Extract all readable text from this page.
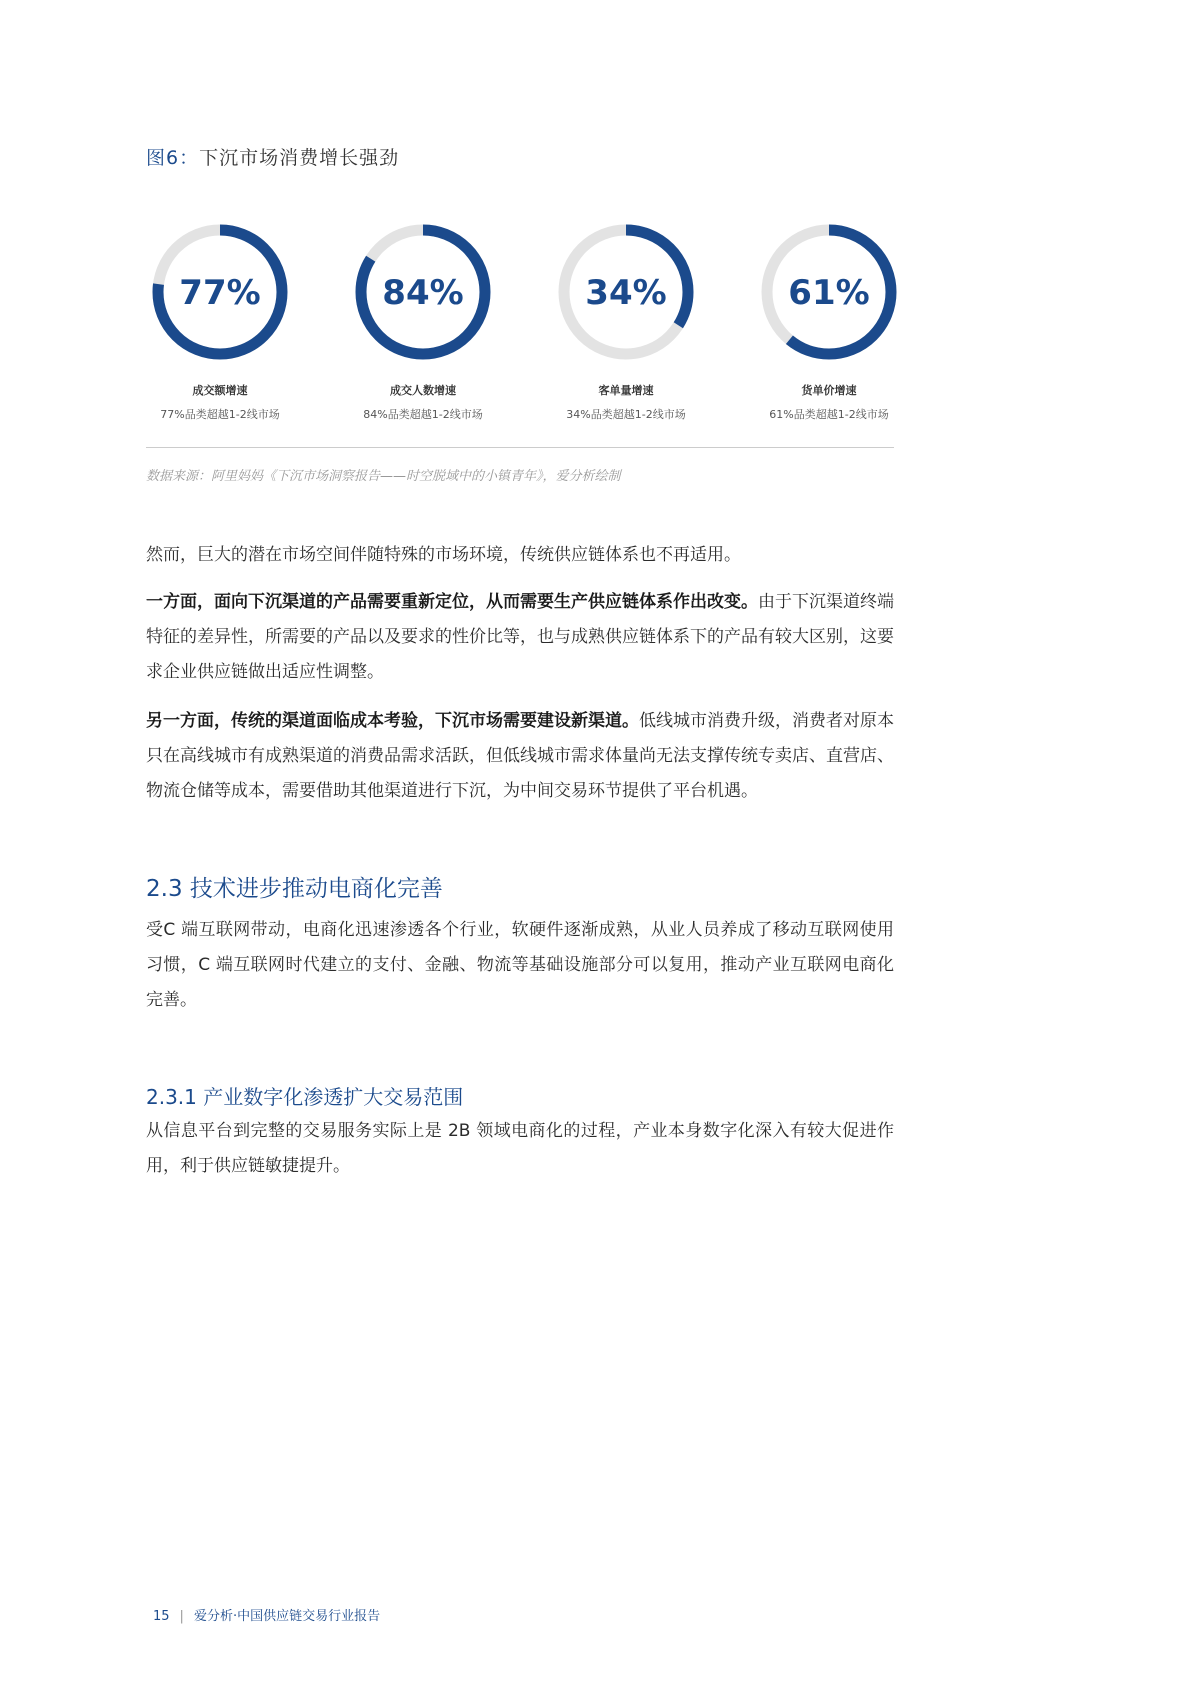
图6：下沉市场消费增长强劲
77%
成交额增速
77%品类超越1-2线市场
84%
成交人数增速
84%品类超越1-2线市场
34%
客单量增速
34%品类超越1-2线市场
61%
货单价增速
61%品类超越1-2线市场
数据来源：阿里妈妈《下沉市场洞察报告——时空脱域中的小镇青年》，爱分析绘制
然而，巨大的潜在市场空间伴随特殊的市场环境，传统供应链体系也不再适用。
一方面，面向下沉渠道的产品需要重新定位，从而需要生产供应链体系作出改变。由于下沉渠道终端特征的差异性，所需要的产品以及要求的性价比等，也与成熟供应链体系下的产品有较大区别，这要求企业供应链做出适应性调整。
另一方面，传统的渠道面临成本考验，下沉市场需要建设新渠道。低线城市消费升级，消费者对原本只在高线城市有成熟渠道的消费品需求活跃，但低线城市需求体量尚无法支撑传统专卖店、直营店、物流仓储等成本，需要借助其他渠道进行下沉，为中间交易环节提供了平台机遇。
2.3 技术进步推动电商化完善
受C 端互联网带动，电商化迅速渗透各个行业，软硬件逐渐成熟，从业人员养成了移动互联网使用习惯，C 端互联网时代建立的支付、金融、物流等基础设施部分可以复用，推动产业互联网电商化完善。
2.3.1 产业数字化渗透扩大交易范围
从信息平台到完整的交易服务实际上是 2B 领域电商化的过程，产业本身数字化深入有较大促进作用，利于供应链敏捷提升。
15 | 爱分析·中国供应链交易行业报告
